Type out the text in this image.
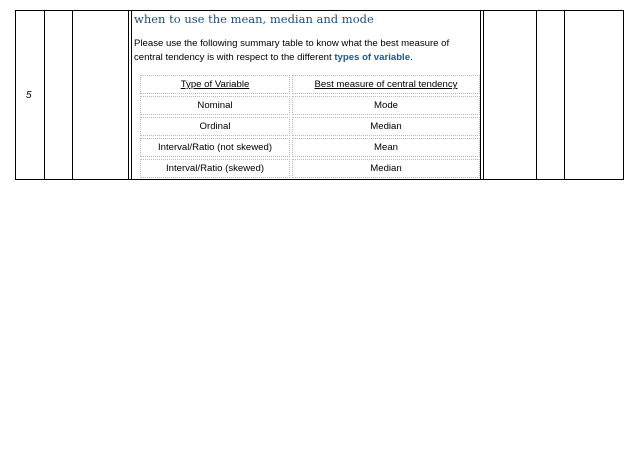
5

when to use the mean, median and mode

Please use the following summary table to know what the best measure of central tendency is with respect to the different types of variable.
Type of Variable	Best measure of central tendency
Nominal	Mode
Ordinal	Median
Interval/Ratio (not skewed)	Mean
Interval/Ratio (skewed)	Median
